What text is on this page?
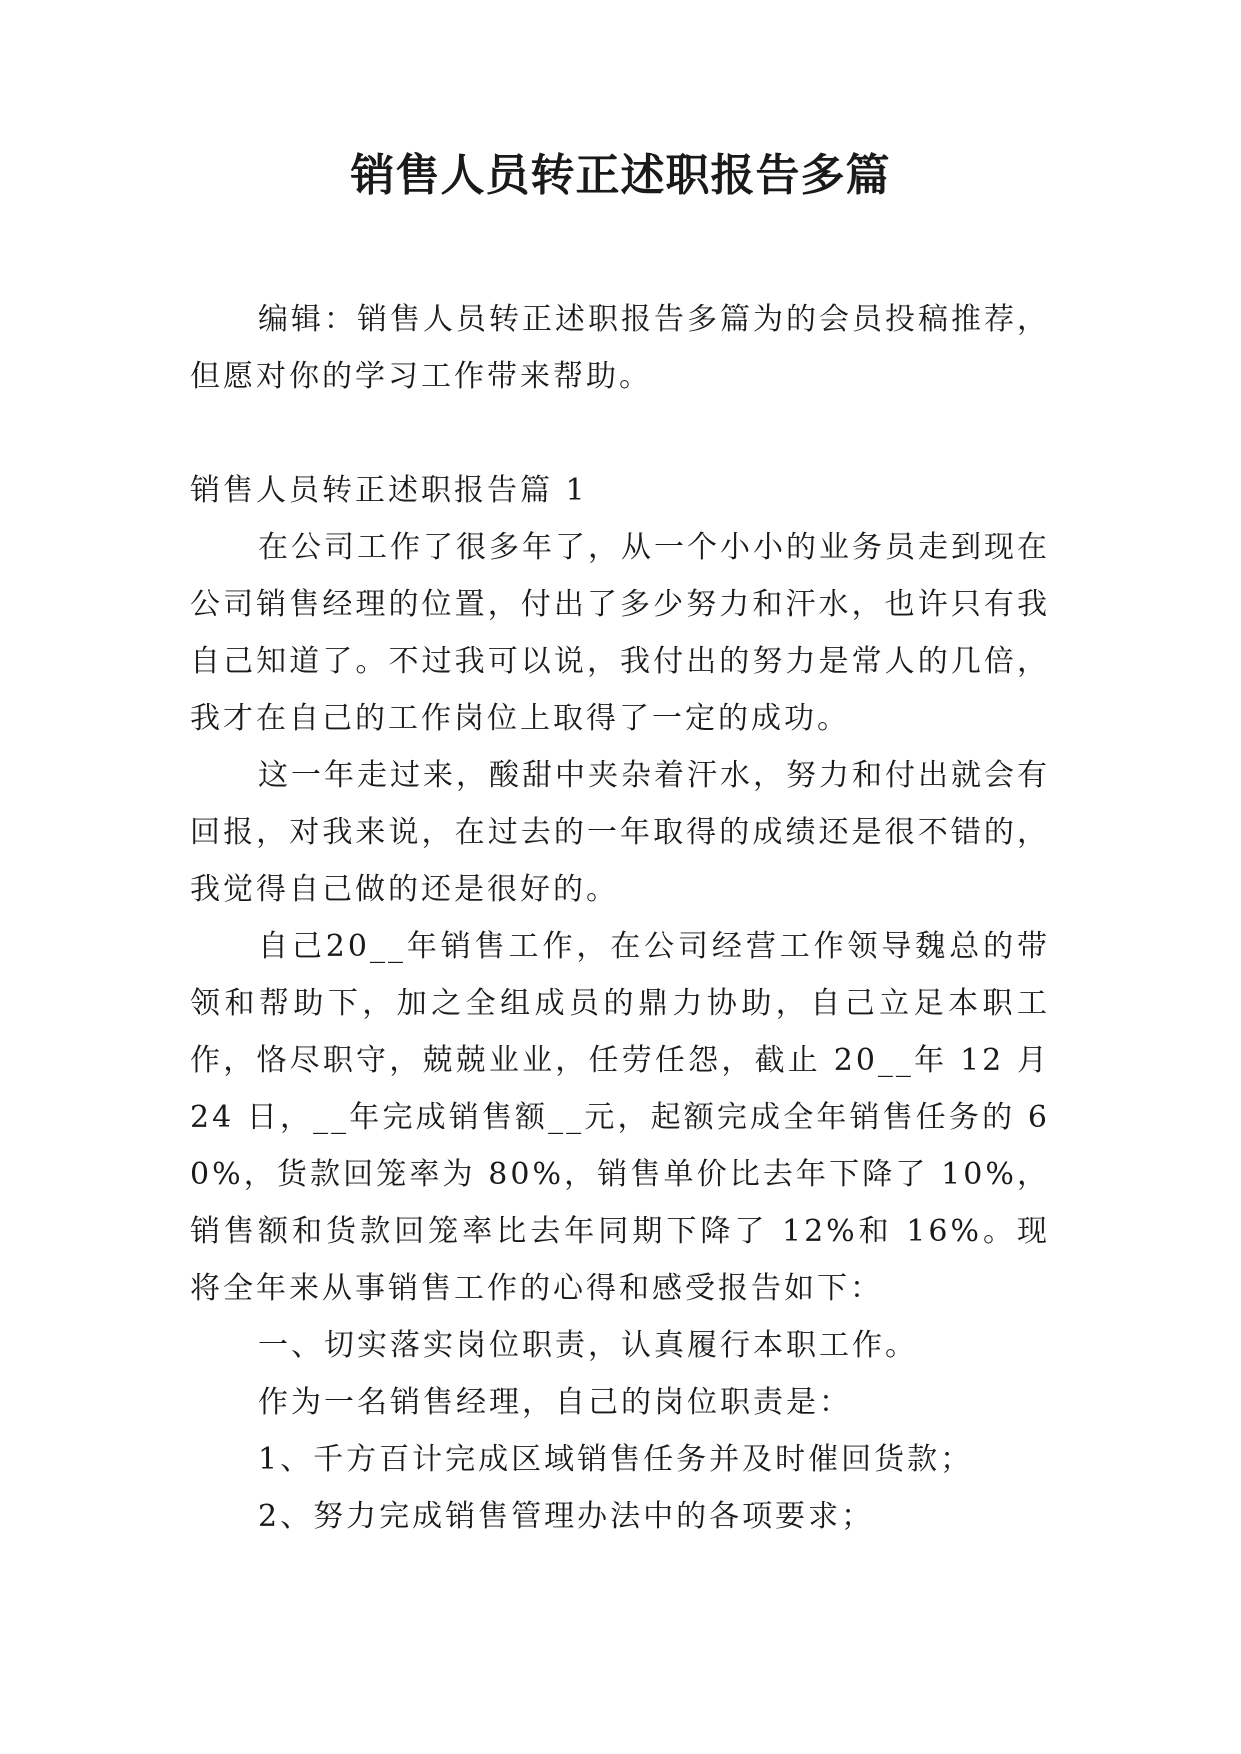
销售人员转正述职报告多篇

编辑：销售人员转正述职报告多篇为的会员投稿推荐，但愿对你的学习工作带来帮助。

销售人员转正述职报告篇 1

在公司工作了很多年了，从一个小小的业务员走到现在公司销售经理的位置，付出了多少努力和汗水，也许只有我自己知道了。不过我可以说，我付出的努力是常人的几倍，我才在自己的工作岗位上取得了一定的成功。

这一年走过来，酸甜中夹杂着汗水，努力和付出就会有回报，对我来说，在过去的一年取得的成绩还是很不错的，我觉得自己做的还是很好的。

自己20__年销售工作，在公司经营工作领导魏总的带领和帮助下，加之全组成员的鼎力协助，自己立足本职工作，恪尽职守，兢兢业业，任劳任怨，截止 20__年 12 月 24 日，__年完成销售额__元，起额完成全年销售任务的 60%，货款回笼率为 80%，销售单价比去年下降了 10%，销售额和货款回笼率比去年同期下降了 12%和 16%。现将全年来从事销售工作的心得和感受报告如下：

一、切实落实岗位职责，认真履行本职工作。

作为一名销售经理，自己的岗位职责是：

1、千方百计完成区域销售任务并及时催回货款；

2、努力完成销售管理办法中的各项要求；
